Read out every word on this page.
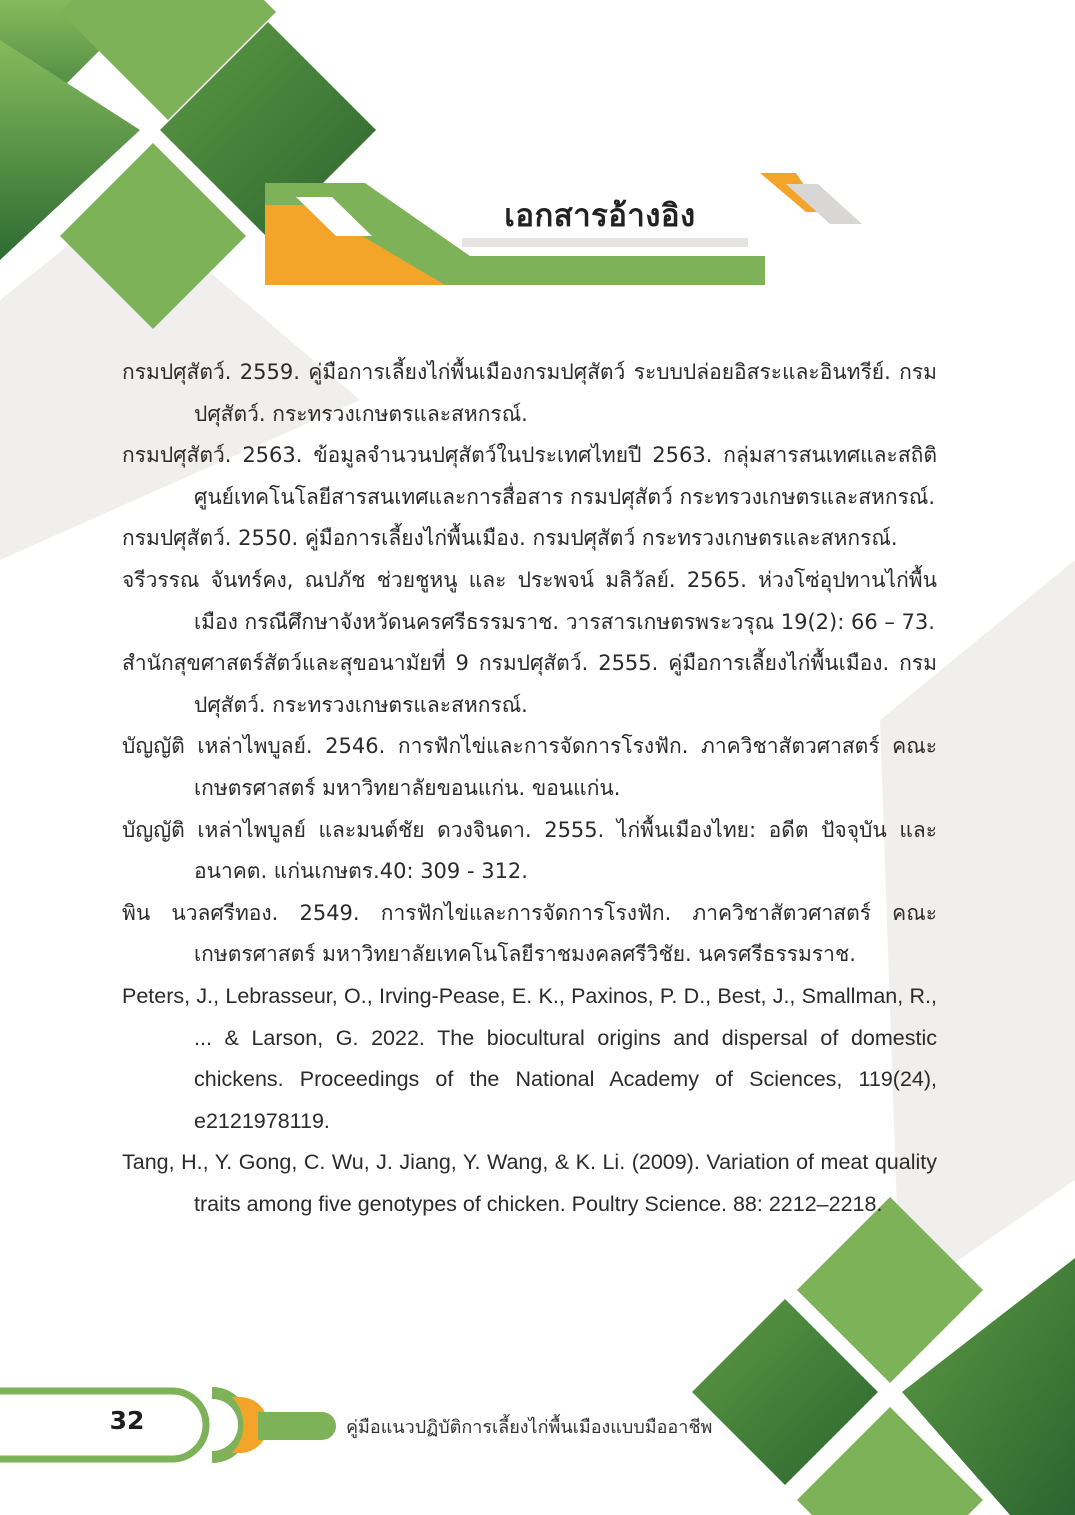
เอกสารอ้างอิง

กรมปศุสัตว์. 2559. คู่มือการเลี้ยงไก่พื้นเมืองกรมปศุสัตว์ ระบบปล่อยอิสระและอินทรีย์. กรมปศุสัตว์. กระทรวงเกษตรและสหกรณ์.

กรมปศุสัตว์. 2563. ข้อมูลจำนวนปศุสัตว์ในประเทศไทยปี 2563. กลุ่มสารสนเทศและสถิติ ศูนย์เทคโนโลยีสารสนเทศและการสื่อสาร กรมปศุสัตว์ กระทรวงเกษตรและสหกรณ์.

กรมปศุสัตว์. 2550. คู่มือการเลี้ยงไก่พื้นเมือง. กรมปศุสัตว์ กระทรวงเกษตรและสหกรณ์.

จรีวรรณ จันทร์คง, ณปภัช ช่วยชูหนู และ ประพจน์ มลิวัลย์. 2565. ห่วงโซ่อุปทานไก่พื้นเมือง กรณีศึกษาจังหวัดนครศรีธรรมราช. วารสารเกษตรพระวรุณ 19(2): 66 – 73.

สำนักสุขศาสตร์สัตว์และสุขอนามัยที่ 9 กรมปศุสัตว์. 2555. คู่มือการเลี้ยงไก่พื้นเมือง. กรมปศุสัตว์. กระทรวงเกษตรและสหกรณ์.

บัญญัติ เหล่าไพบูลย์. 2546. การฟักไข่และการจัดการโรงฟัก. ภาควิชาสัตวศาสตร์ คณะเกษตรศาสตร์ มหาวิทยาลัยขอนแก่น. ขอนแก่น.

บัญญัติ เหล่าไพบูลย์ และมนต์ชัย ดวงจินดา. 2555. ไก่พื้นเมืองไทย: อดีต ปัจจุบัน และอนาคต. แก่นเกษตร.40: 309 - 312.

พิน นวลศรีทอง. 2549. การฟักไข่และการจัดการโรงฟัก. ภาควิชาสัตวศาสตร์ คณะเกษตรศาสตร์ มหาวิทยาลัยเทคโนโลยีราชมงคลศรีวิชัย. นครศรีธรรมราช.

Peters, J., Lebrasseur, O., Irving-Pease, E. K., Paxinos, P. D., Best, J., Smallman, R., ... & Larson, G. 2022. The biocultural origins and dispersal of domestic chickens. Proceedings of the National Academy of Sciences, 119(24), e2121978119.

Tang, H., Y. Gong, C. Wu, J. Jiang, Y. Wang, & K. Li. (2009). Variation of meat quality traits among five genotypes of chicken. Poultry Science. 88: 2212–2218.

32	คู่มือแนวปฏิบัติการเลี้ยงไก่พื้นเมืองแบบมืออาชีพ
